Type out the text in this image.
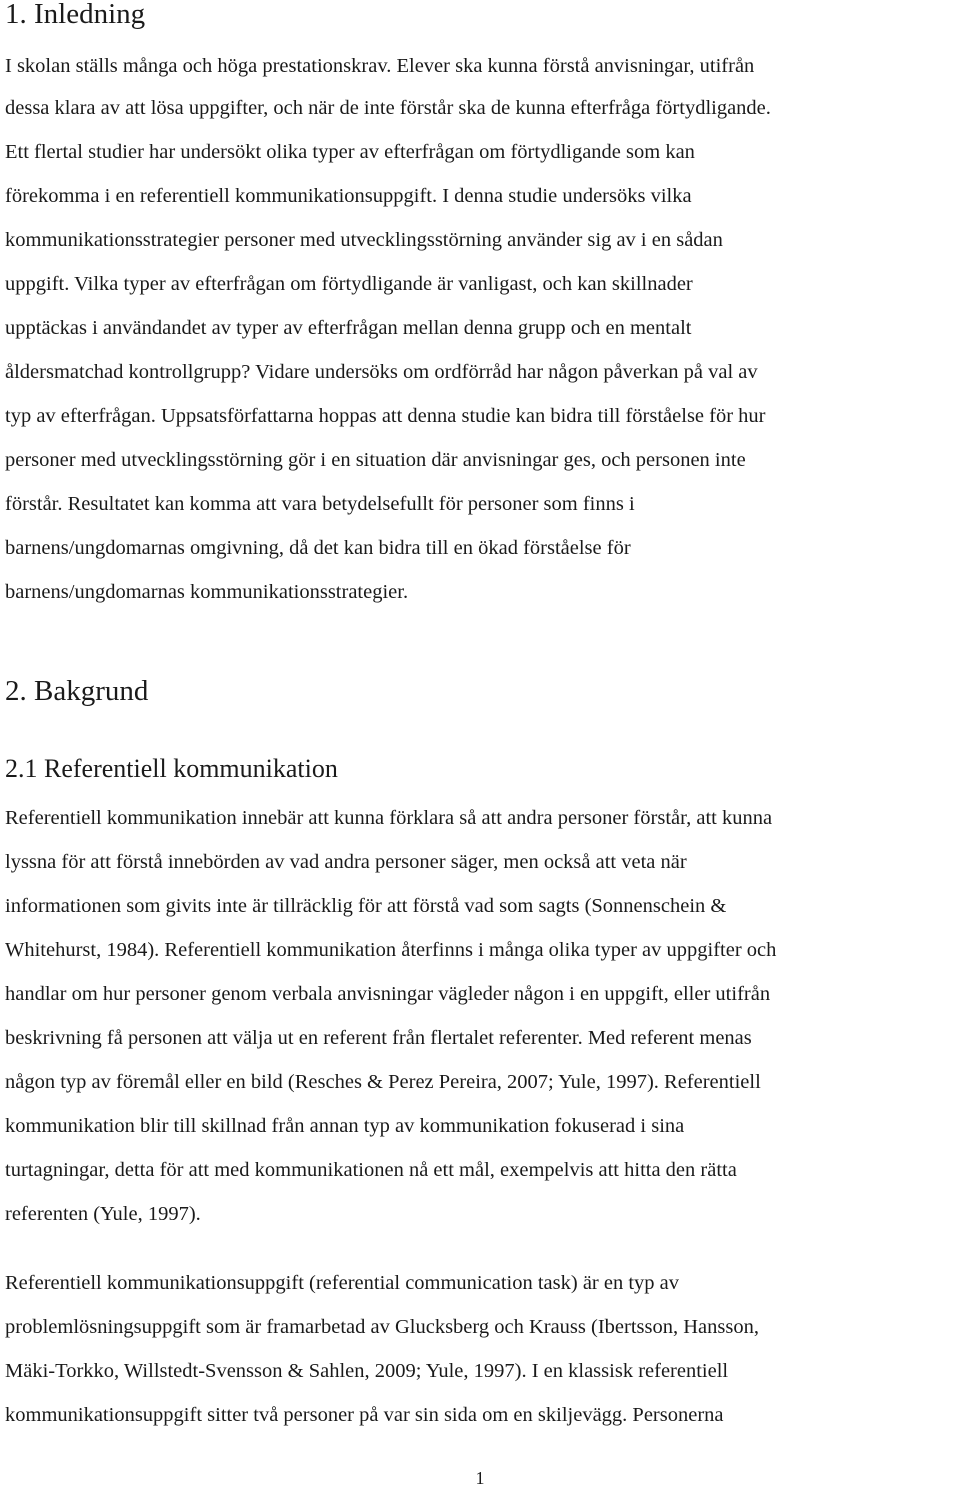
1. Inledning
I skolan ställs många och höga prestationskrav. Elever ska kunna förstå anvisningar, utifrån
dessa klara av att lösa uppgifter, och när de inte förstår ska de kunna efterfråga förtydligande.
Ett flertal studier har undersökt olika typer av efterfrågan om förtydligande som kan
förekomma i en referentiell kommunikationsuppgift. I denna studie undersöks vilka
kommunikationsstrategier personer med utvecklingsstörning använder sig av i en sådan
uppgift. Vilka typer av efterfrågan om förtydligande är vanligast, och kan skillnader
upptäckas i användandet av typer av efterfrågan mellan denna grupp och en mentalt
åldersmatchad kontrollgrupp? Vidare undersöks om ordförråd har någon påverkan på val av
typ av efterfrågan. Uppsatsförfattarna hoppas att denna studie kan bidra till förståelse för hur
personer med utvecklingsstörning gör i en situation där anvisningar ges, och personen inte
förstår. Resultatet kan komma att vara betydelsefullt för personer som finns i
barnens/ungdomarnas omgivning, då det kan bidra till en ökad förståelse för
barnens/ungdomarnas kommunikationsstrategier.
2. Bakgrund
2.1 Referentiell kommunikation
Referentiell kommunikation innebär att kunna förklara så att andra personer förstår, att kunna
lyssna för att förstå innebörden av vad andra personer säger, men också att veta när
informationen som givits inte är tillräcklig för att förstå vad som sagts (Sonnenschein &
Whitehurst, 1984). Referentiell kommunikation återfinns i många olika typer av uppgifter och
handlar om hur personer genom verbala anvisningar vägleder någon i en uppgift, eller utifrån
beskrivning få personen att välja ut en referent från flertalet referenter. Med referent menas
någon typ av föremål eller en bild (Resches & Perez Pereira, 2007; Yule, 1997). Referentiell
kommunikation blir till skillnad från annan typ av kommunikation fokuserad i sina
turtagningar, detta för att med kommunikationen nå ett mål, exempelvis att hitta den rätta
referenten (Yule, 1997).
Referentiell kommunikationsuppgift (referential communication task) är en typ av
problemlösningsuppgift som är framarbetad av Glucksberg och Krauss (Ibertsson, Hansson,
Mäki-Torkko, Willstedt-Svensson & Sahlen, 2009; Yule, 1997). I en klassisk referentiell
kommunikationsuppgift sitter två personer på var sin sida om en skiljevägg. Personerna
1
